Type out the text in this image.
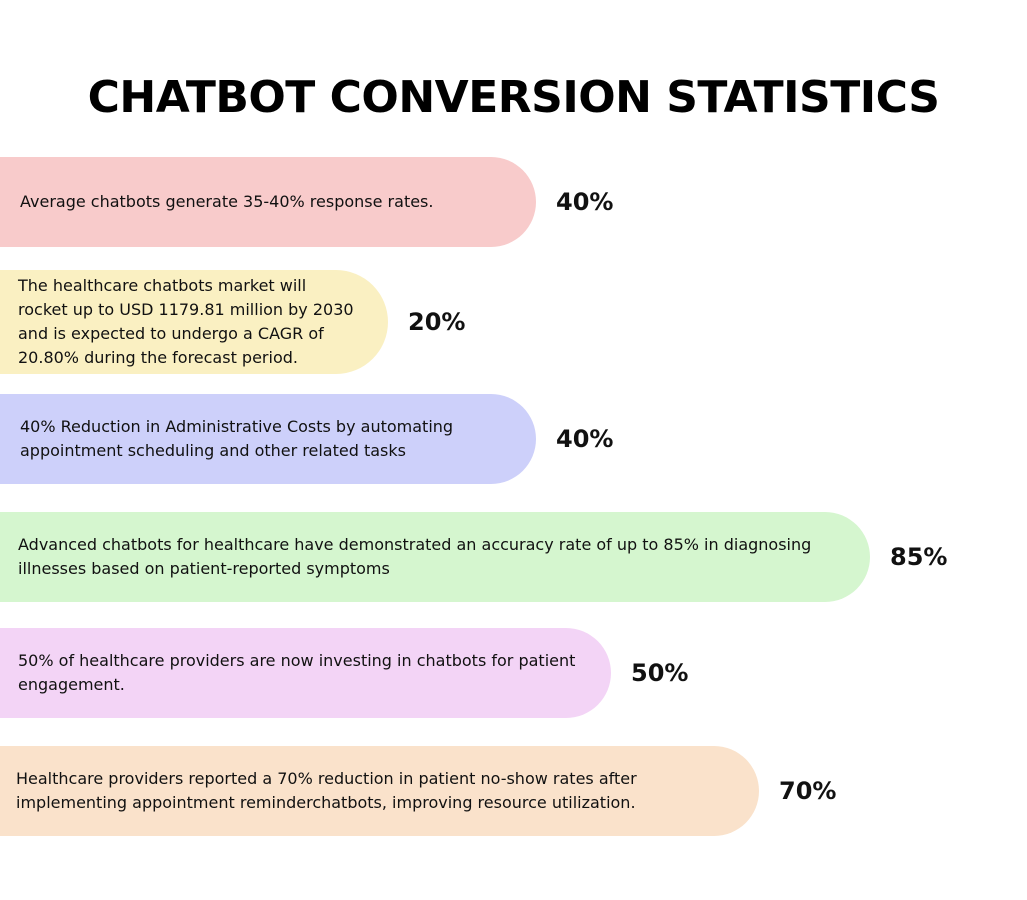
CHATBOT CONVERSION STATISTICS
Average chatbots generate 35-40% response rates.	40%
The healthcare chatbots market will rocket up to USD 1179.81 million by 2030 and is expected to undergo a CAGR of 20.80% during the forecast period.
20%
40% Reduction in Administrative Costs by automating appointment scheduling and other related tasks	40%
Advanced chatbots for healthcare have demonstrated an accuracy rate of up to 85% in diagnosing illnesses based on patient-reported symptoms	85%
50% of healthcare providers are now investing in chatbots for patient engagement.	50%
Healthcare providers reported a 70% reduction in patient no-show rates after implementing appointment reminderchatbots, improving resource utilization.	70%
